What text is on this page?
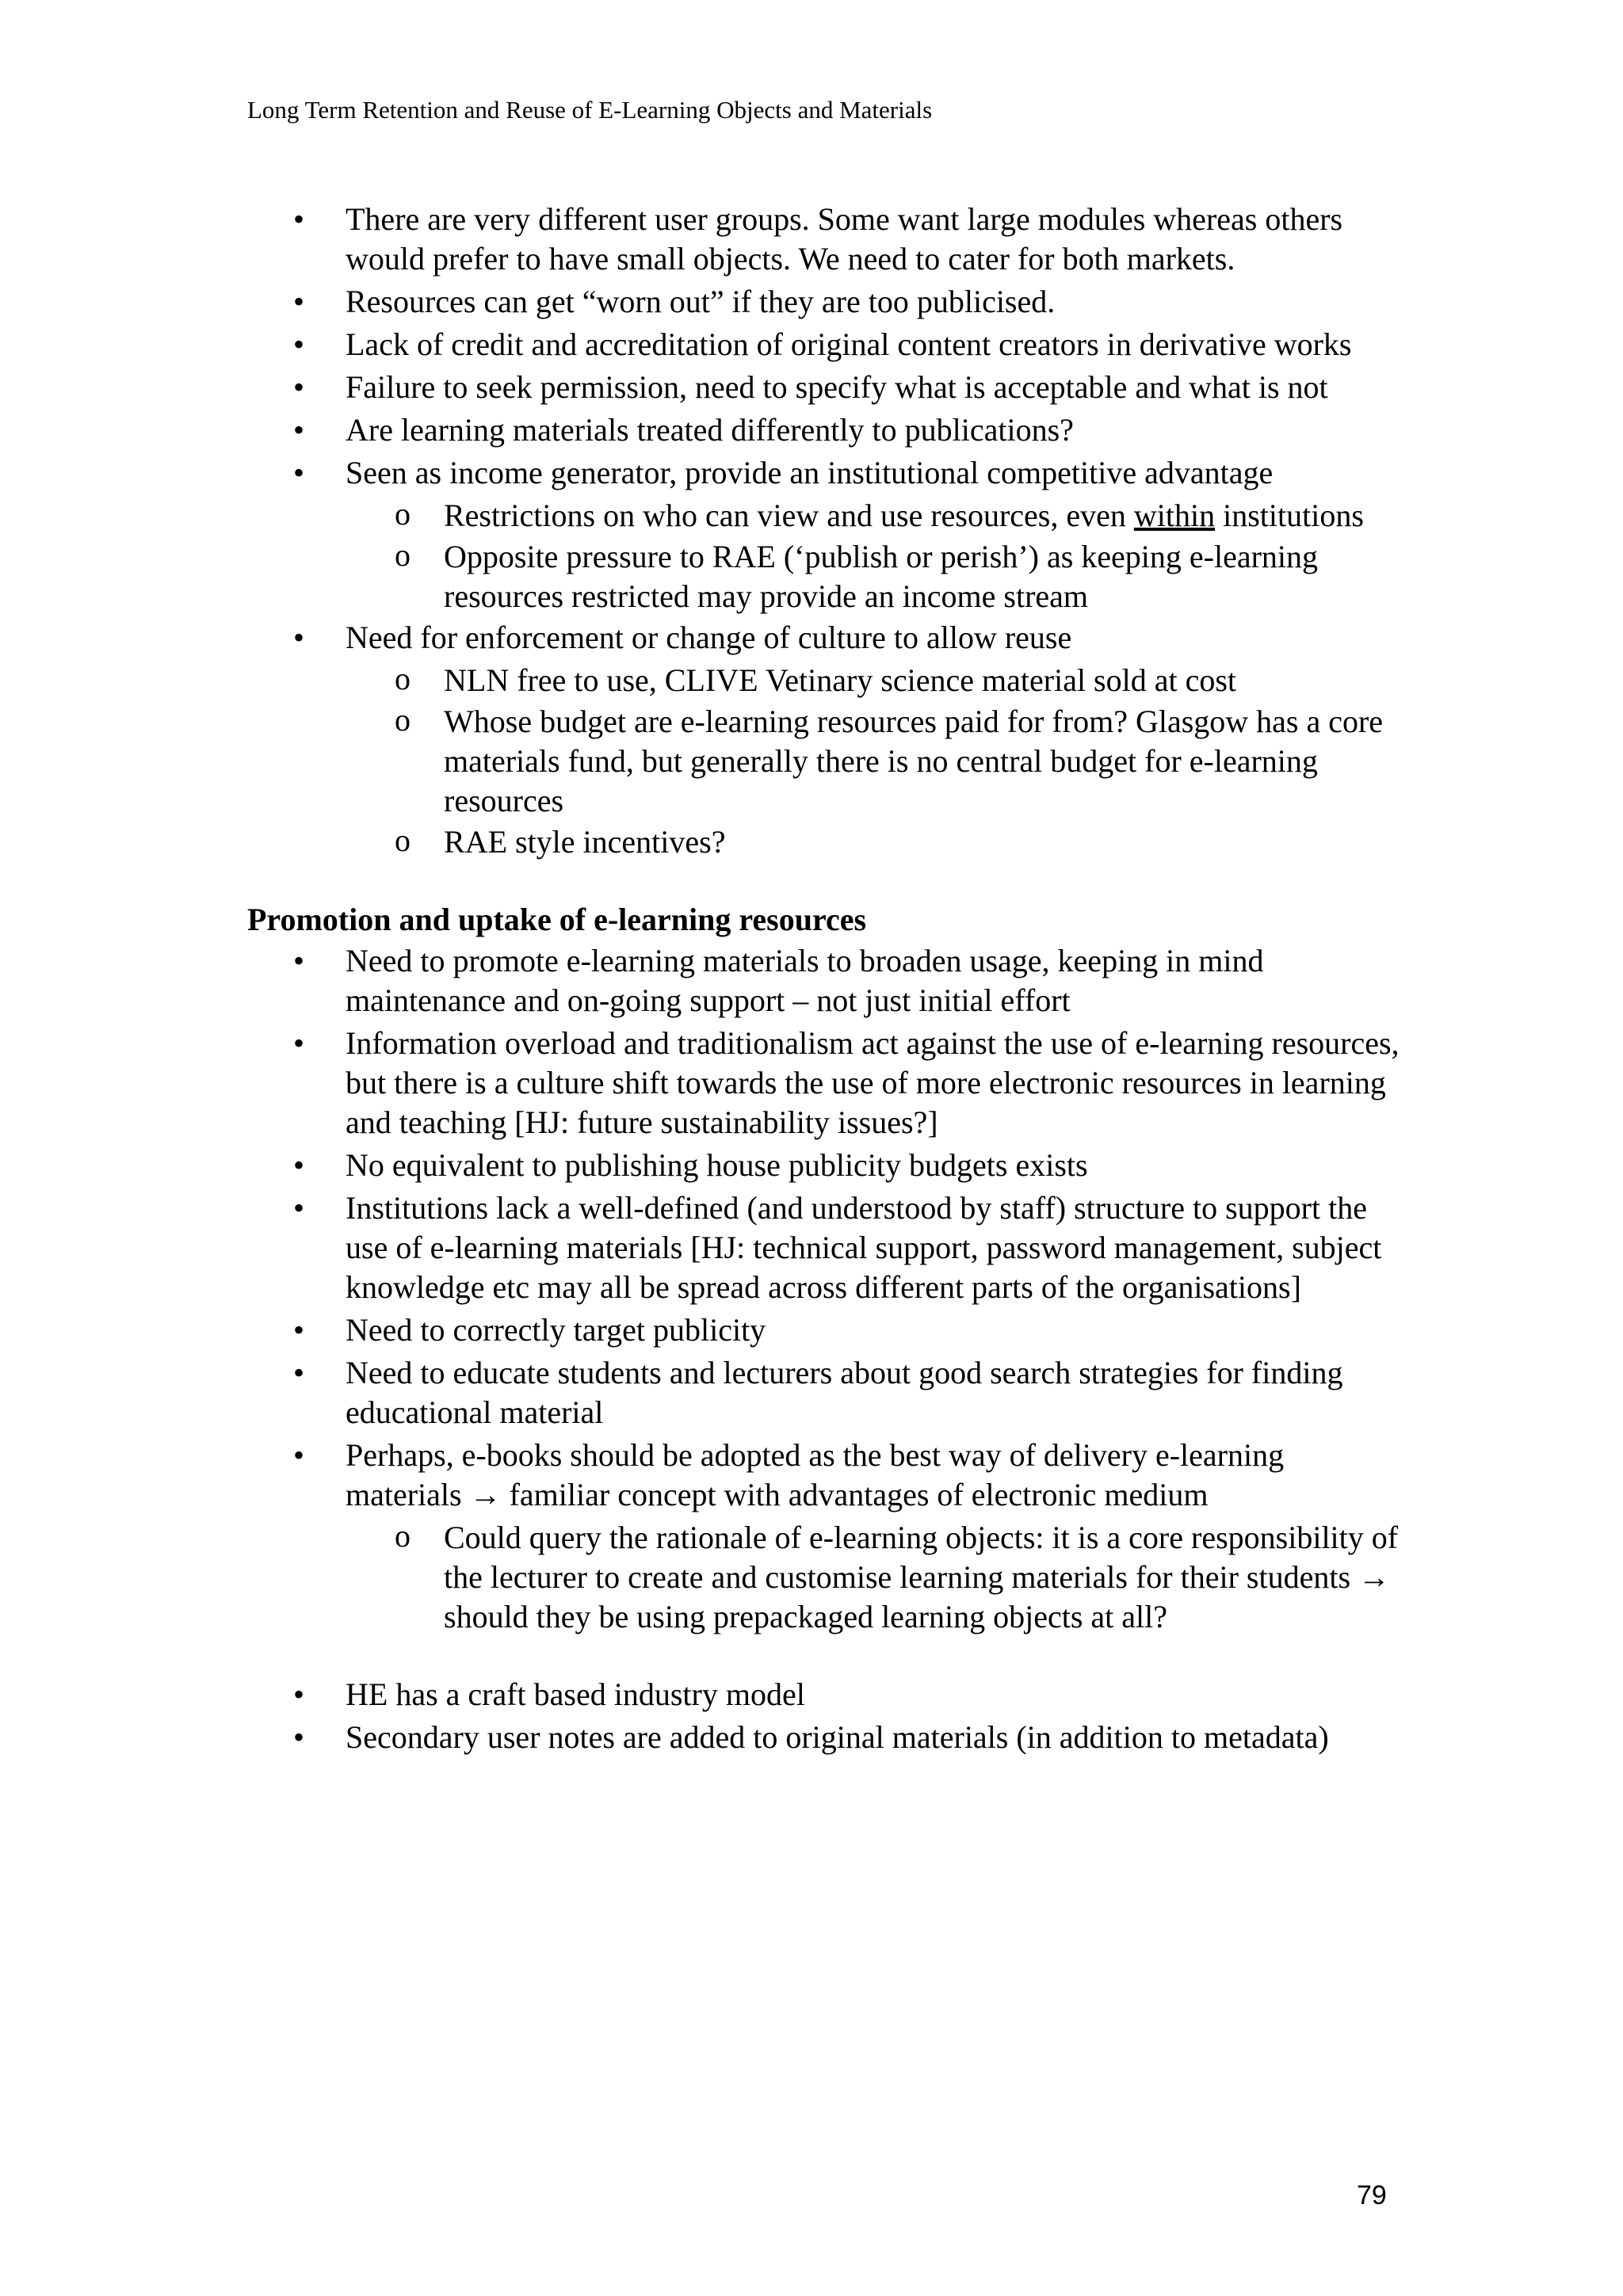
Long Term Retention and Reuse of E-Learning Objects and Materials
• There are very different user groups. Some want large modules whereas others would prefer to have small objects. We need to cater for both markets.
• Resources can get “worn out” if they are too publicised.
• Lack of credit and accreditation of original content creators in derivative works
• Failure to seek permission, need to specify what is acceptable and what is not
• Are learning materials treated differently to publications?
• Seen as income generator, provide an institutional competitive advantage
o Restrictions on who can view and use resources, even within institutions
o Opposite pressure to RAE (‘publish or perish’) as keeping e-learning resources restricted may provide an income stream
• Need for enforcement or change of culture to allow reuse
o NLN free to use, CLIVE Vetinary science material sold at cost
o Whose budget are e-learning resources paid for from? Glasgow has a core materials fund, but generally there is no central budget for e-learning resources
o RAE style incentives?
Promotion and uptake of e-learning resources
• Need to promote e-learning materials to broaden usage, keeping in mind maintenance and on-going support – not just initial effort
• Information overload and traditionalism act against the use of e-learning resources, but there is a culture shift towards the use of more electronic resources in learning and teaching [HJ: future sustainability issues?]
• No equivalent to publishing house publicity budgets exists
• Institutions lack a well-defined (and understood by staff) structure to support the use of e-learning materials [HJ: technical support, password management, subject knowledge etc may all be spread across different parts of the organisations]
• Need to correctly target publicity
• Need to educate students and lecturers about good search strategies for finding educational material
• Perhaps, e-books should be adopted as the best way of delivery e-learning materials → familiar concept with advantages of electronic medium
o Could query the rationale of e-learning objects: it is a core responsibility of the lecturer to create and customise learning materials for their students → should they be using prepackaged learning objects at all?
• HE has a craft based industry model
• Secondary user notes are added to original materials (in addition to metadata)
79
